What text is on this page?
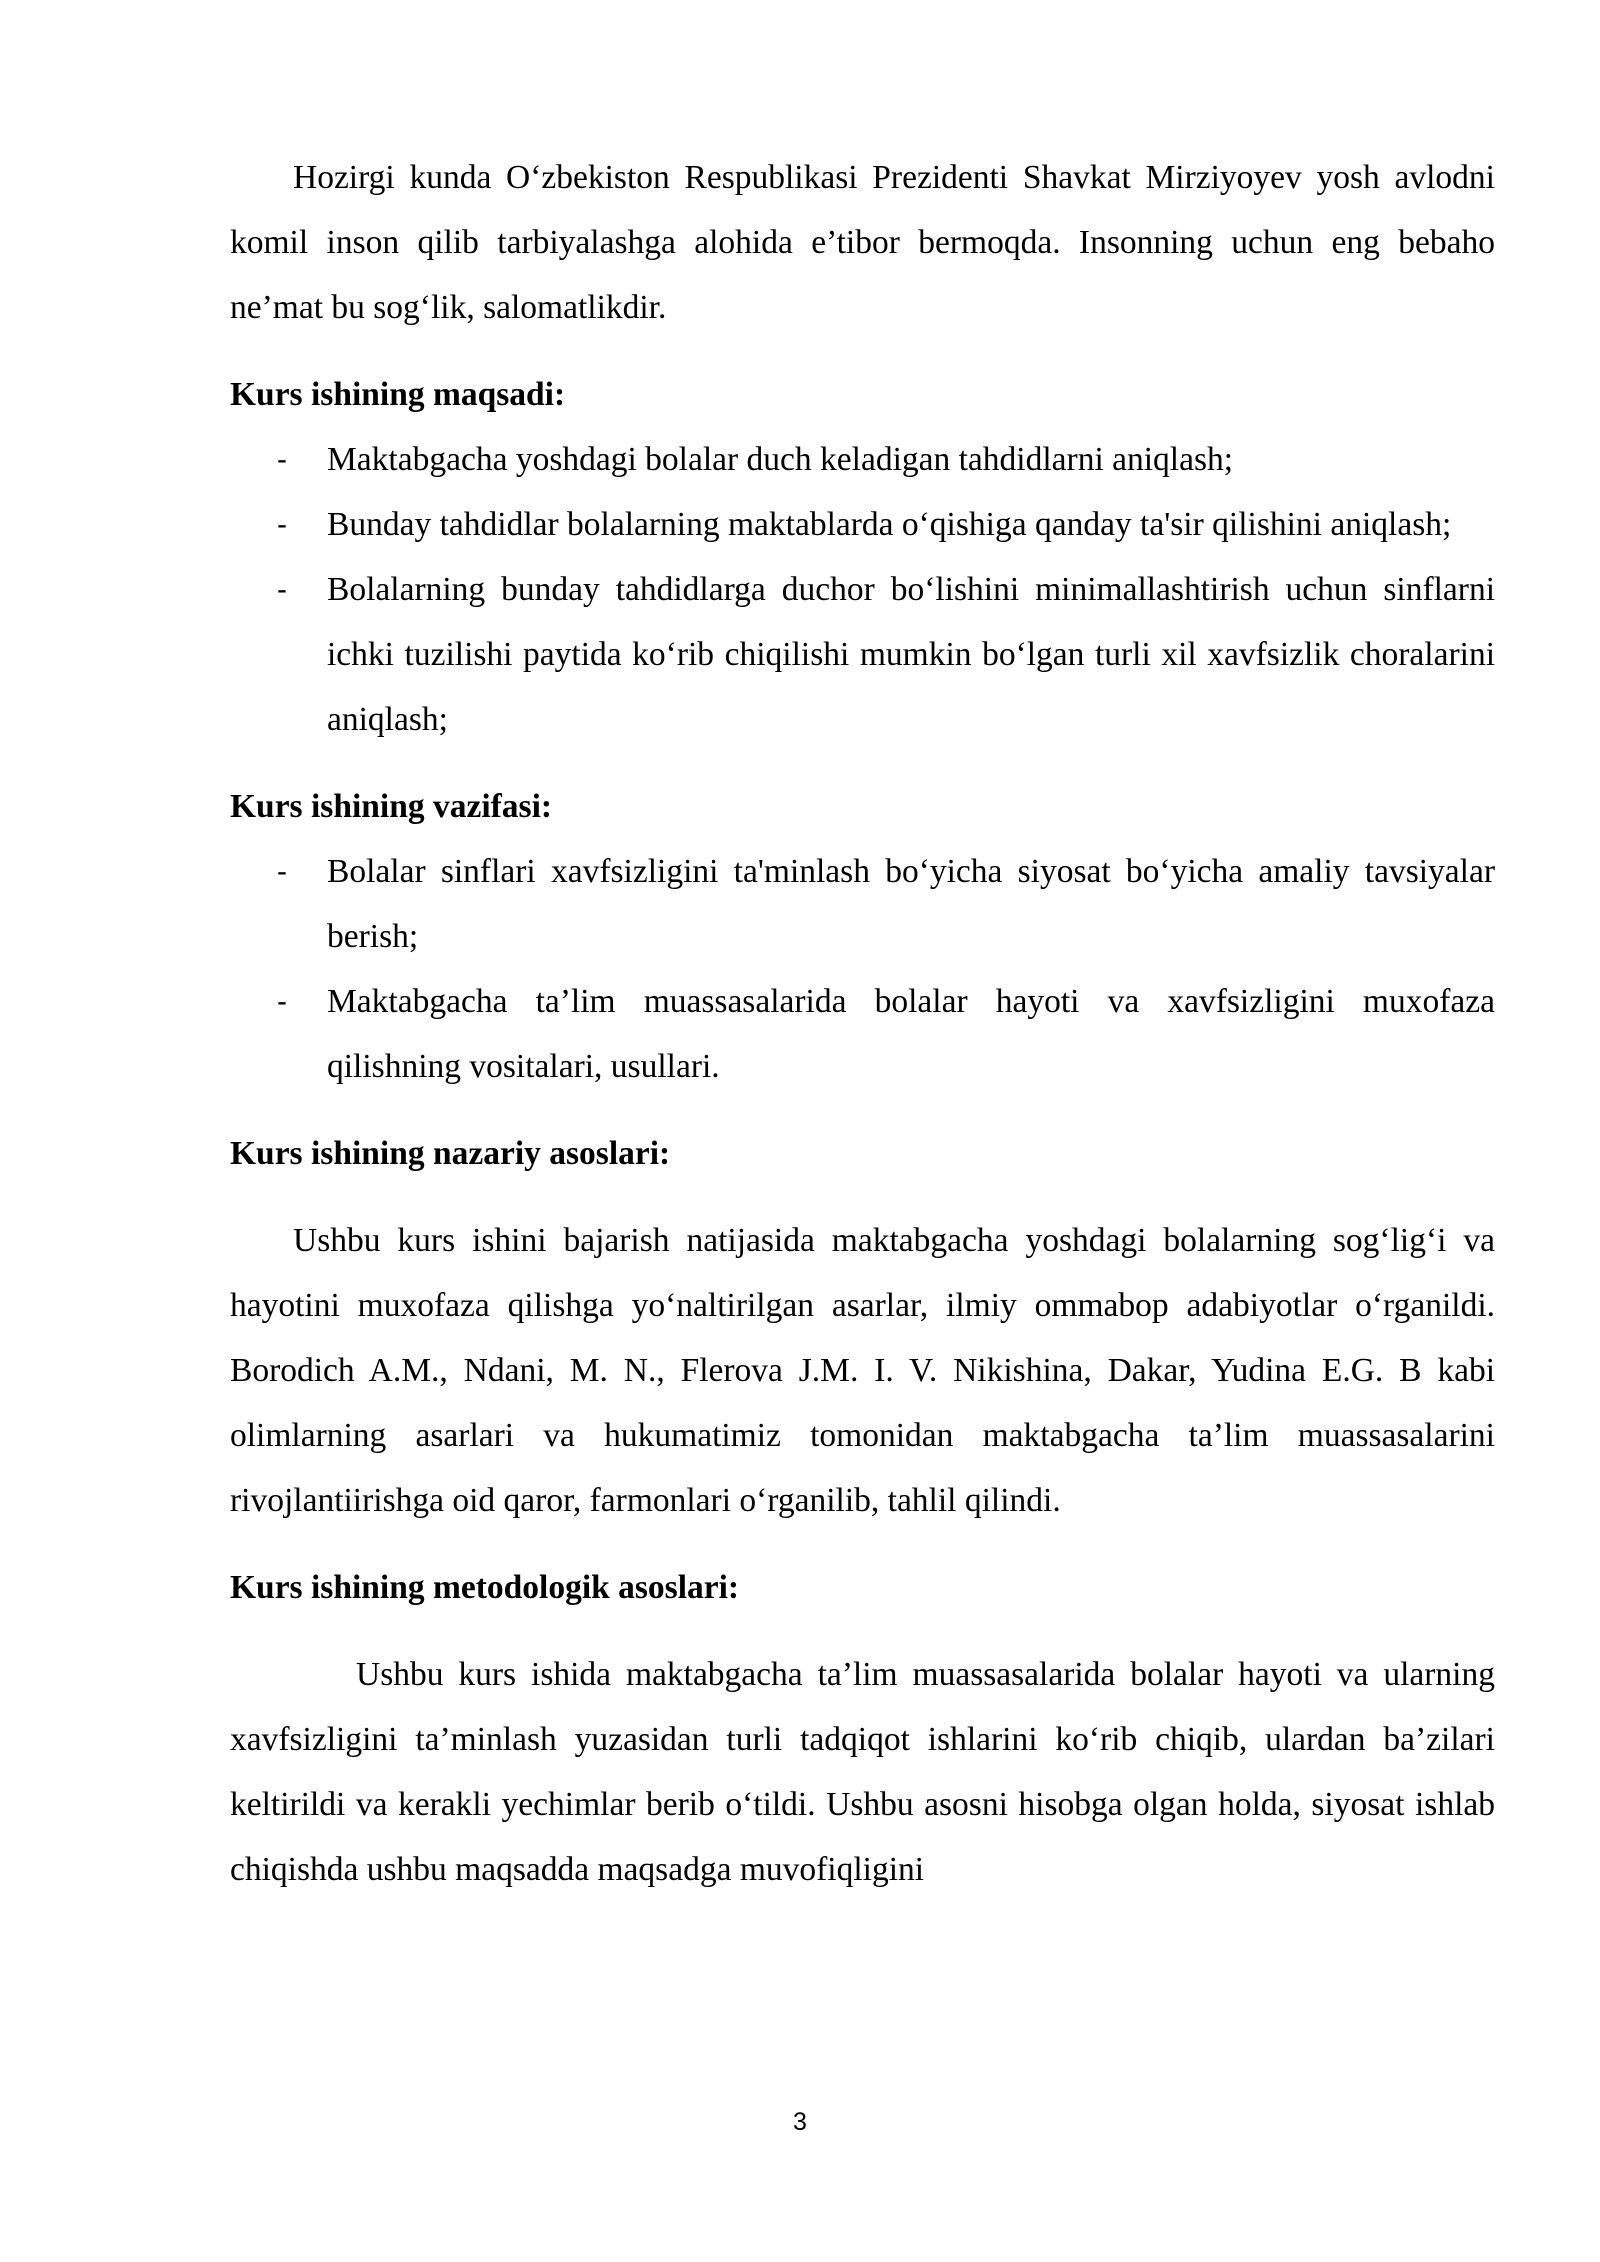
Hozirgi kunda O‘zbekiston Respublikasi Prezidenti Shavkat Mirziyoyev yosh avlodni komil inson qilib tarbiyalashga alohida e’tibor bermoqda. Insonning uchun eng bebaho ne’mat bu sog‘lik, salomatlikdir.

Kurs ishining maqsadi:

- Maktabgacha yoshdagi bolalar duch keladigan tahdidlarni aniqlash;
- Bunday tahdidlar bolalarning maktablarda o‘qishiga qanday ta'sir qilishini aniqlash;
- Bolalarning bunday tahdidlarga duchor bo‘lishini minimallashtirish uchun sinflarni ichki tuzilishi paytida ko‘rib chiqilishi mumkin bo‘lgan turli xil xavfsizlik choralarini aniqlash;

Kurs ishining vazifasi:

- Bolalar sinflari xavfsizligini ta'minlash bo‘yicha siyosat bo‘yicha amaliy tavsiyalar berish;
- Maktabgacha ta’lim muassasalarida bolalar hayoti va xavfsizligini muxofaza qilishning vositalari, usullari.

Kurs ishining nazariy asoslari:

Ushbu kurs ishini bajarish natijasida maktabgacha yoshdagi bolalarning sog‘lig‘i va hayotini muxofaza qilishga yo‘naltirilgan asarlar, ilmiy ommabop adabiyotlar o‘rganildi. Borodich A.M., Ndani, M. N., Flerova J.M. I. V. Nikishina, Dakar, Yudina E.G. B kabi olimlarning asarlari va hukumatimiz tomonidan maktabgacha ta’lim muassasalarini rivojlantiirishga oid qaror, farmonlari o‘rganilib, tahlil qilindi.

Kurs ishining metodologik asoslari:

Ushbu kurs ishida maktabgacha ta’lim muassasalarida bolalar hayoti va ularning xavfsizligini ta’minlash yuzasidan turli tadqiqot ishlarini ko‘rib chiqib, ulardan ba’zilari keltirildi va kerakli yechimlar berib o‘tildi. Ushbu asosni hisobga olgan holda, siyosat ishlab chiqishda ushbu maqsadda maqsadga muvofiqligini

3
